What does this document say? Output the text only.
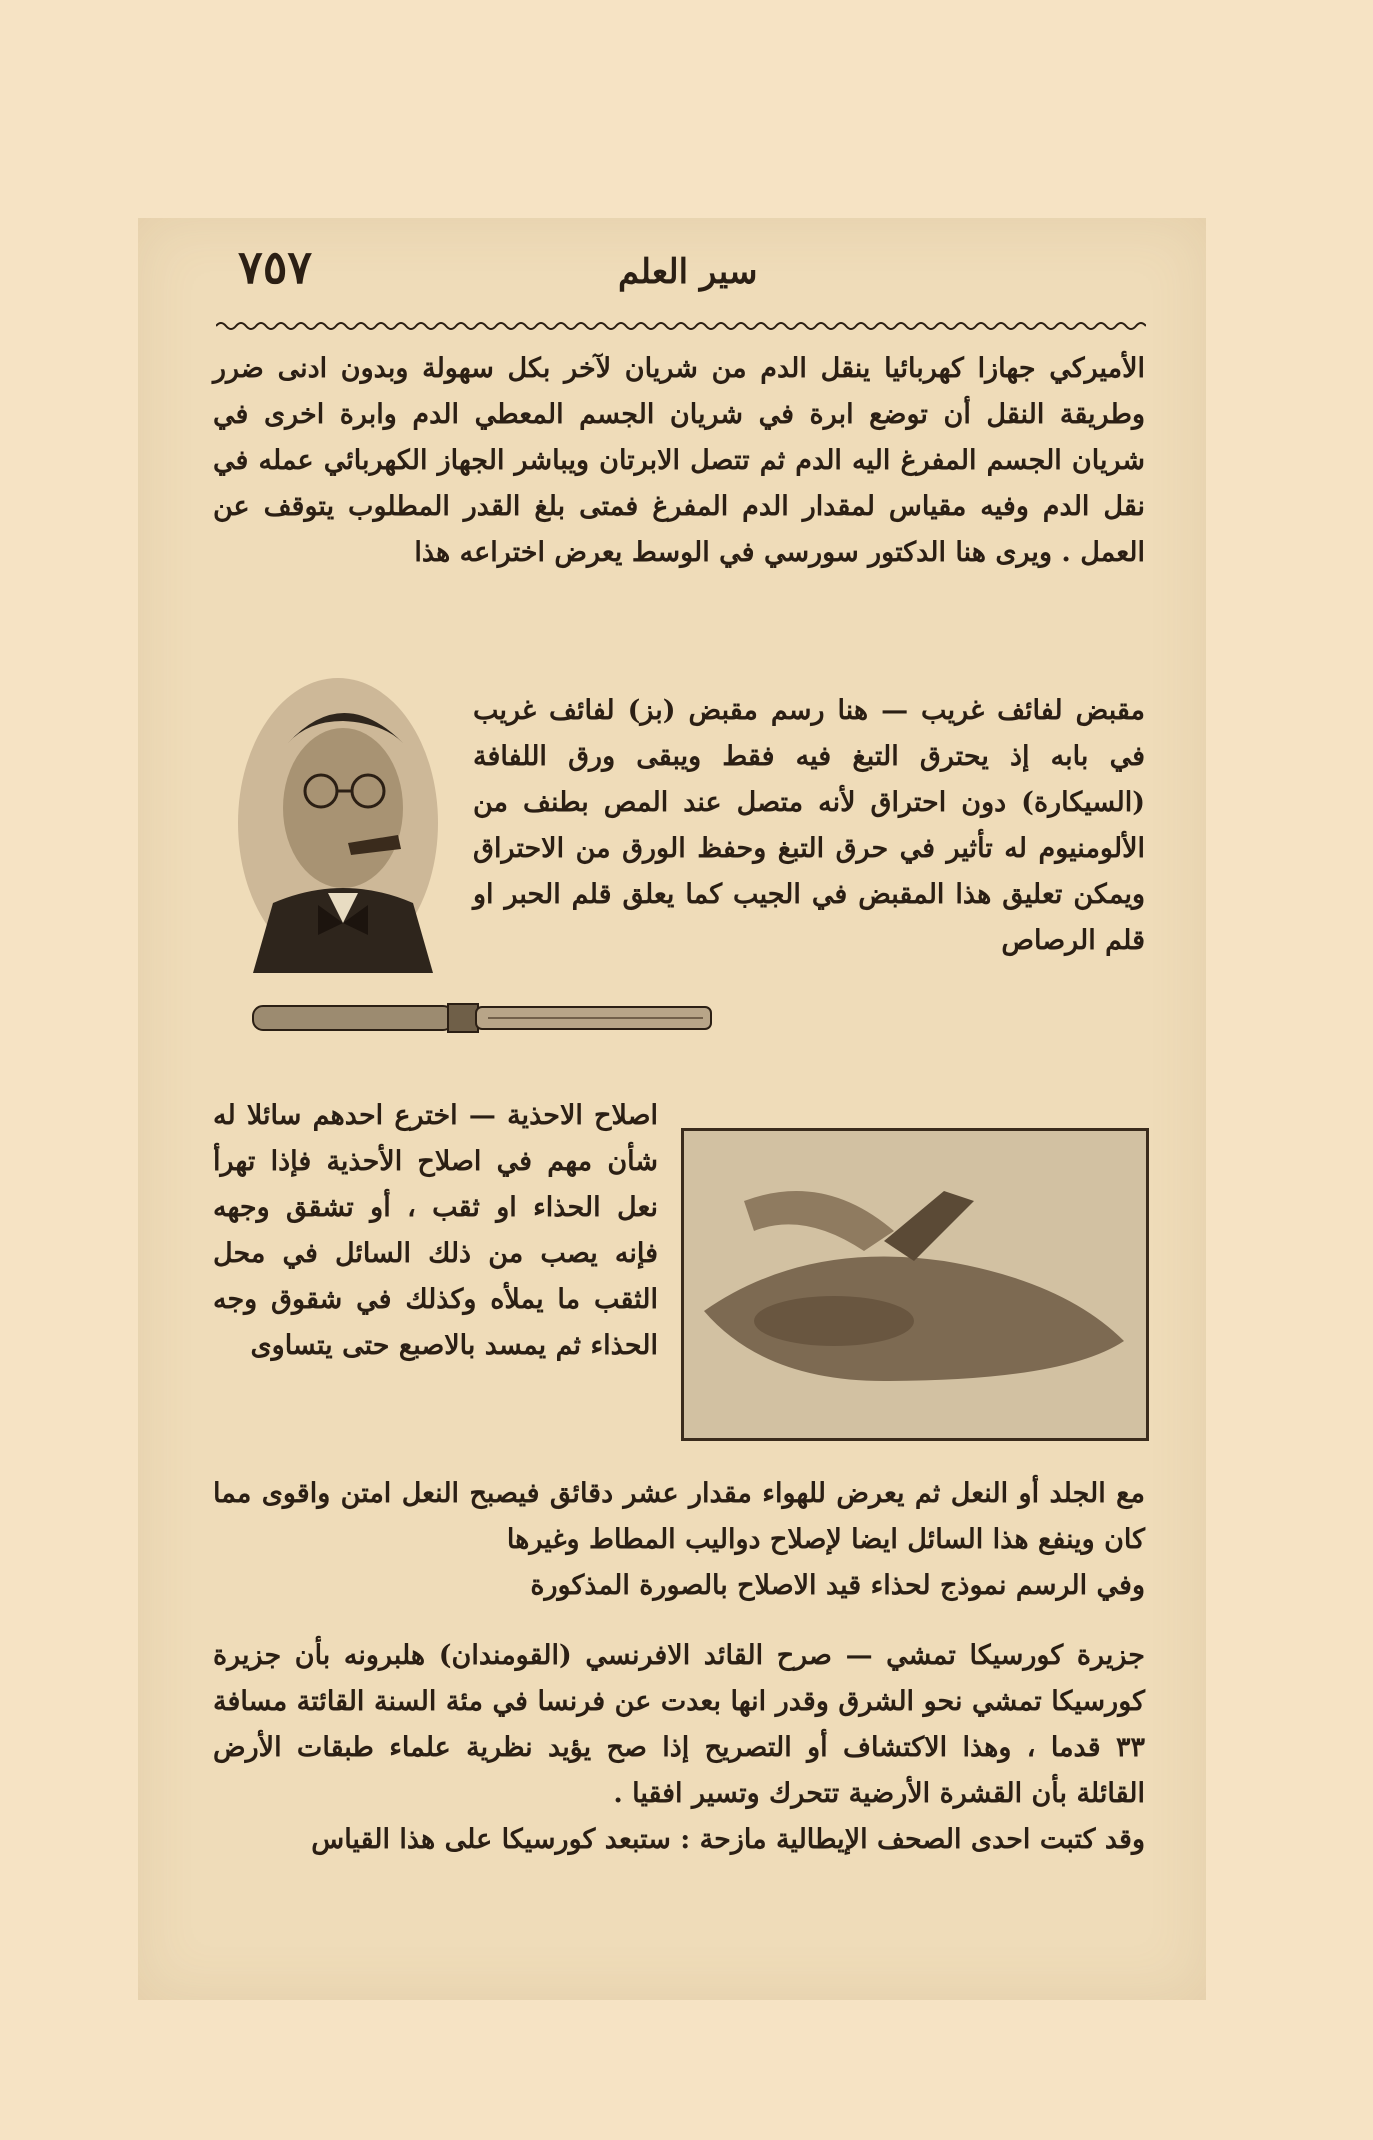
٧٥٧	سير العلم
الأميركي جهازا كهربائيا ينقل الدم من شريان لآخر بكل سهولة وبدون ادنى ضرر وطريقة النقل أن توضع ابرة في شريان الجسم المعطي الدم وابرة اخرى في شريان الجسم المفرغ اليه الدم ثم تتصل الابرتان ويباشر الجهاز الكهربائي عمله في نقل الدم وفيه مقياس لمقدار الدم المفرغ فمتى بلغ القدر المطلوب يتوقف عن العمل . ويرى هنا الدكتور سورسي في الوسط يعرض اختراعه هذا
مقبض لفائف غريب — هنا رسم مقبض (بز) لفائف غريب في بابه إذ يحترق التبغ فيه فقط ويبقى ورق اللفافة (السيكارة) دون احتراق لأنه متصل عند المص بطنف من الألومنيوم له تأثير في حرق التبغ وحفظ الورق من الاحتراق ويمكن تعليق هذا المقبض في الجيب كما يعلق قلم الحبر او قلم الرصاص
اصلاح الاحذية — اخترع احدهم سائلا له شأن مهم في اصلاح الأحذية فإذا تهرأ نعل الحذاء او ثقب ، أو تشقق وجهه فإنه يصب من ذلك السائل في محل الثقب ما يملأه وكذلك في شقوق وجه الحذاء ثم يمسد بالاصبع حتى يتساوى
مع الجلد أو النعل ثم يعرض للهواء مقدار عشر دقائق فيصبح النعل امتن واقوى مما كان وينفع هذا السائل ايضا لإصلاح دواليب المطاط وغيرها
وفي الرسم نموذج لحذاء قيد الاصلاح بالصورة المذكورة
جزيرة كورسيكا تمشي — صرح القائد الافرنسي (القومندان) هلبرونه بأن جزيرة كورسيكا تمشي نحو الشرق وقدر انها بعدت عن فرنسا في مئة السنة القائتة مسافة ٣٣ قدما ، وهذا الاكتشاف أو التصريح إذا صح يؤيد نظرية علماء طبقات الأرض القائلة بأن القشرة الأرضية تتحرك وتسير افقيا .
وقد كتبت احدى الصحف الإيطالية مازحة : ستبعد كورسيكا على هذا القياس
